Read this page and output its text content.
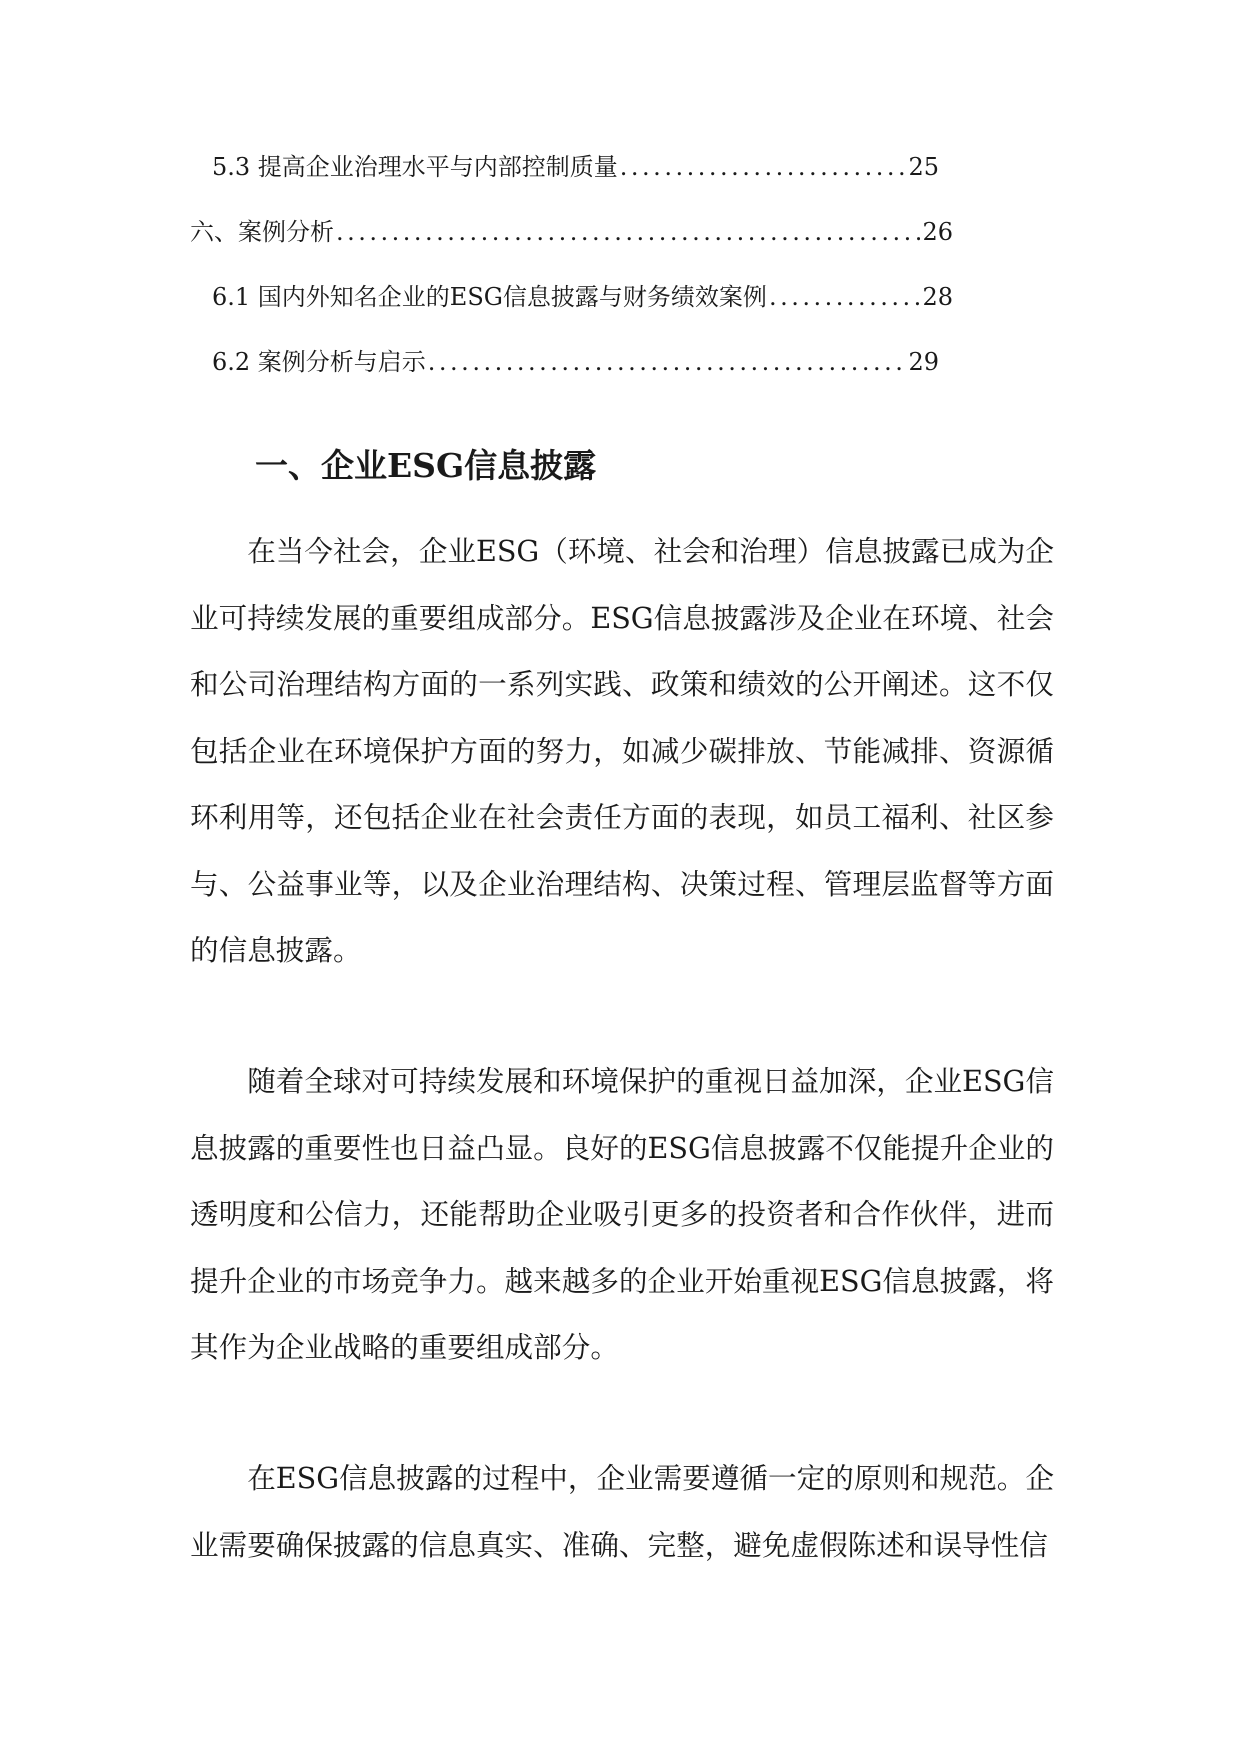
5.3 提高企业治理水平与内部控制质量 .....	25
六、案例分析 .....	26
6.1 国内外知名企业的ESG信息披露与财务绩效案例 .....	28
6.2 案例分析与启示 .....	29
一、企业ESG信息披露

在当今社会，企业ESG（环境、社会和治理）信息披露已成为企业可持续发展的重要组成部分。ESG信息披露涉及企业在环境、社会和公司治理结构方面的一系列实践、政策和绩效的公开阐述。这不仅包括企业在环境保护方面的努力，如减少碳排放、节能减排、资源循环利用等，还包括企业在社会责任方面的表现，如员工福利、社区参与、公益事业等，以及企业治理结构、决策过程、管理层监督等方面的信息披露。

随着全球对可持续发展和环境保护的重视日益加深，企业ESG信息披露的重要性也日益凸显。良好的ESG信息披露不仅能提升企业的透明度和公信力，还能帮助企业吸引更多的投资者和合作伙伴，进而提升企业的市场竞争力。越来越多的企业开始重视ESG信息披露，将其作为企业战略的重要组成部分。

在ESG信息披露的过程中，企业需要遵循一定的原则和规范。企业需要确保披露的信息真实、准确、完整，避免虚假陈述和误导性信
